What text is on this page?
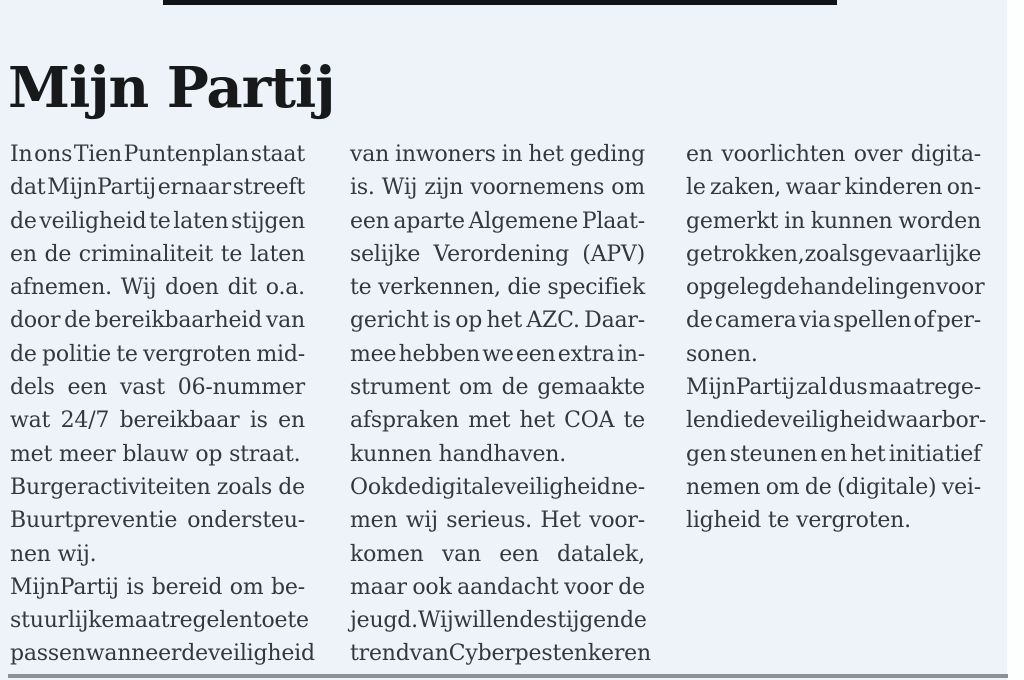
Mijn Partij
In ons Tien Puntenplan staat
dat MijnPartij ernaar streeft
de veiligheid te laten stijgen
en de criminaliteit te laten
afnemen. Wij doen dit o.a.
door de bereikbaarheid van
de politie te vergroten mid-
dels een vast 06-nummer
wat 24/7 bereikbaar is en
met meer blauw op straat.
Burgeractiviteiten zoals de
Buurtpreventie ondersteu-
nen wij.
MijnPartij is bereid om be-
stuurlijke maatregelen toe te
passen wanneer de veiligheid
van inwoners in het geding
is. Wij zijn voornemens om
een aparte Algemene Plaat-
selijke Verordening (APV)
te verkennen, die specifiek
gericht is op het AZC. Daar-
mee hebben we een extra in-
strument om de gemaakte
afspraken met het COA te
kunnen handhaven.
Ook de digitale veiligheid ne-
men wij serieus. Het voor-
komen van een datalek,
maar ook aandacht voor de
jeugd. Wij willen de stijgende
trend van Cyberpesten keren
en voorlichten over digita-
le zaken, waar kinderen on-
gemerkt in kunnen worden
getrokken, zoals gevaarlijke
opgelegde handelingen voor
de camera via spellen of per-
sonen.
MijnPartij zal dus maatrege-
len die de veiligheid waarbor-
gen steunen en het initiatief
nemen om de (digitale) vei-
ligheid te vergroten.
